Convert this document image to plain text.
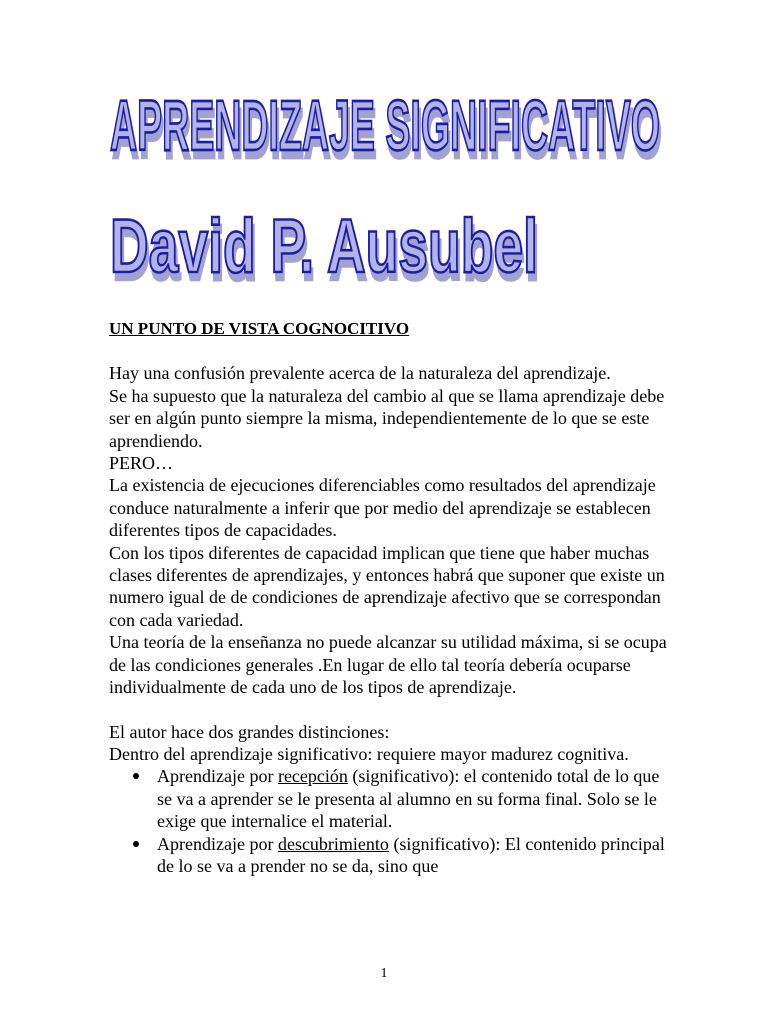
APRENDIZAJE SIGNIFICATIVO
David P. Ausubel
UN PUNTO DE VISTA COGNOCITIVO

Hay una confusión prevalente acerca de la naturaleza del aprendizaje.

Se ha supuesto que la naturaleza del cambio al que se llama aprendizaje debe ser en algún punto siempre la misma, independientemente de lo que se este aprendiendo.

PERO…

La existencia de ejecuciones diferenciables como resultados del aprendizaje conduce naturalmente a inferir que por medio del aprendizaje se establecen diferentes tipos de capacidades.

Con los tipos diferentes de capacidad implican que tiene que haber muchas clases diferentes de aprendizajes, y entonces habrá que suponer que existe un numero igual de de condiciones de aprendizaje afectivo que se correspondan con cada variedad.

Una teoría de la enseñanza no puede alcanzar su utilidad máxima, si se ocupa de las condiciones generales .En lugar de ello tal teoría debería ocuparse individualmente de cada uno de los tipos de aprendizaje.

El autor hace dos grandes distinciones:

Dentro del aprendizaje significativo: requiere mayor madurez cognitiva.

Aprendizaje por recepción (significativo): el contenido total de lo que se va a aprender se le presenta al alumno en su forma final. Solo se le exige que internalice el material.
Aprendizaje por descubrimiento (significativo): El contenido principal de lo se va a prender no se da, sino que
1
